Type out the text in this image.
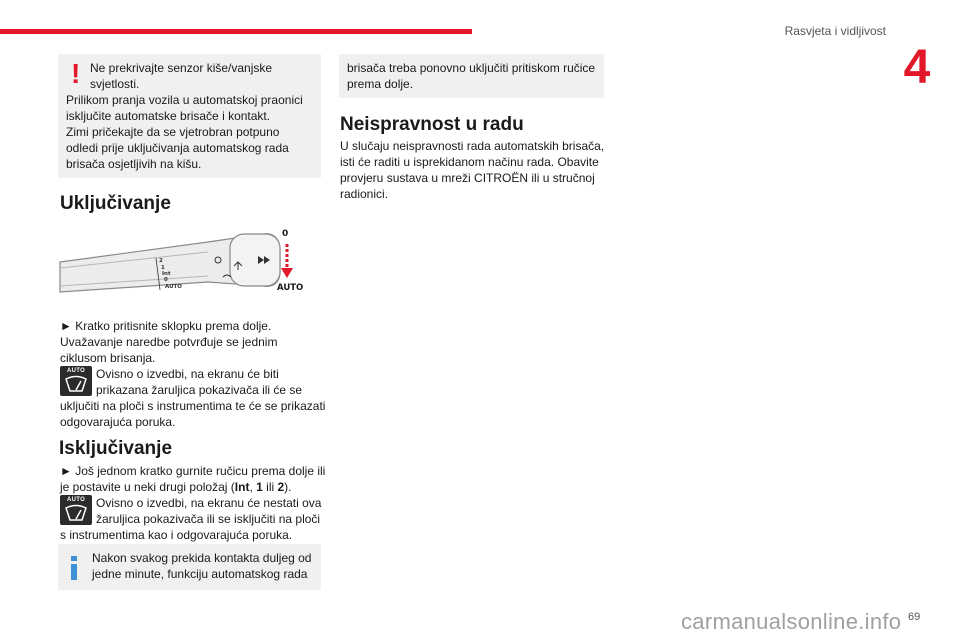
Rasvjeta i vidljivost
4
! Ne prekrivajte senzor kiše/vanjske svjetlosti.

Prilikom pranja vozila u automatskoj praonici isključite automatske brisače i kontakt.

Zimi pričekajte da se vjetrobran potpuno odledi prije uključivanja automatskog rada brisača osjetljivih na kišu.

Uključivanje
2
1
Int
0
AUTO
0
AUTO

► Kratko pritisnite sklopku prema dolje.

Uvažavanje naredbe potvrđuje se jednim ciklusom brisanja.

AUTO Ovisno o izvedbi, na ekranu će biti prikazana žaruljica pokazivača ili će se uključiti na ploči s instrumentima te će se prikazati odgovarajuća poruka.
Isključivanje

► Još jednom kratko gurnite ručicu prema dolje ili je postavite u neki drugi položaj (Int, 1 ili 2).

AUTO Ovisno o izvedbi, na ekranu će nestati ova žaruljica pokazivača ili se isključiti na ploči s instrumentima kao i odgovarajuća poruka.

Nakon svakog prekida kontakta duljeg od jedne minute, funkciju automatskog rada

brisača treba ponovno uključiti pritiskom ručice prema dolje.

Neispravnost u radu

U slučaju neispravnosti rada automatskih brisača, isti će raditi u isprekidanom načinu rada. Obavite provjeru sustava u mreži CITROËN ili u stručnoj radionici.

carmanualsonline.info 69
